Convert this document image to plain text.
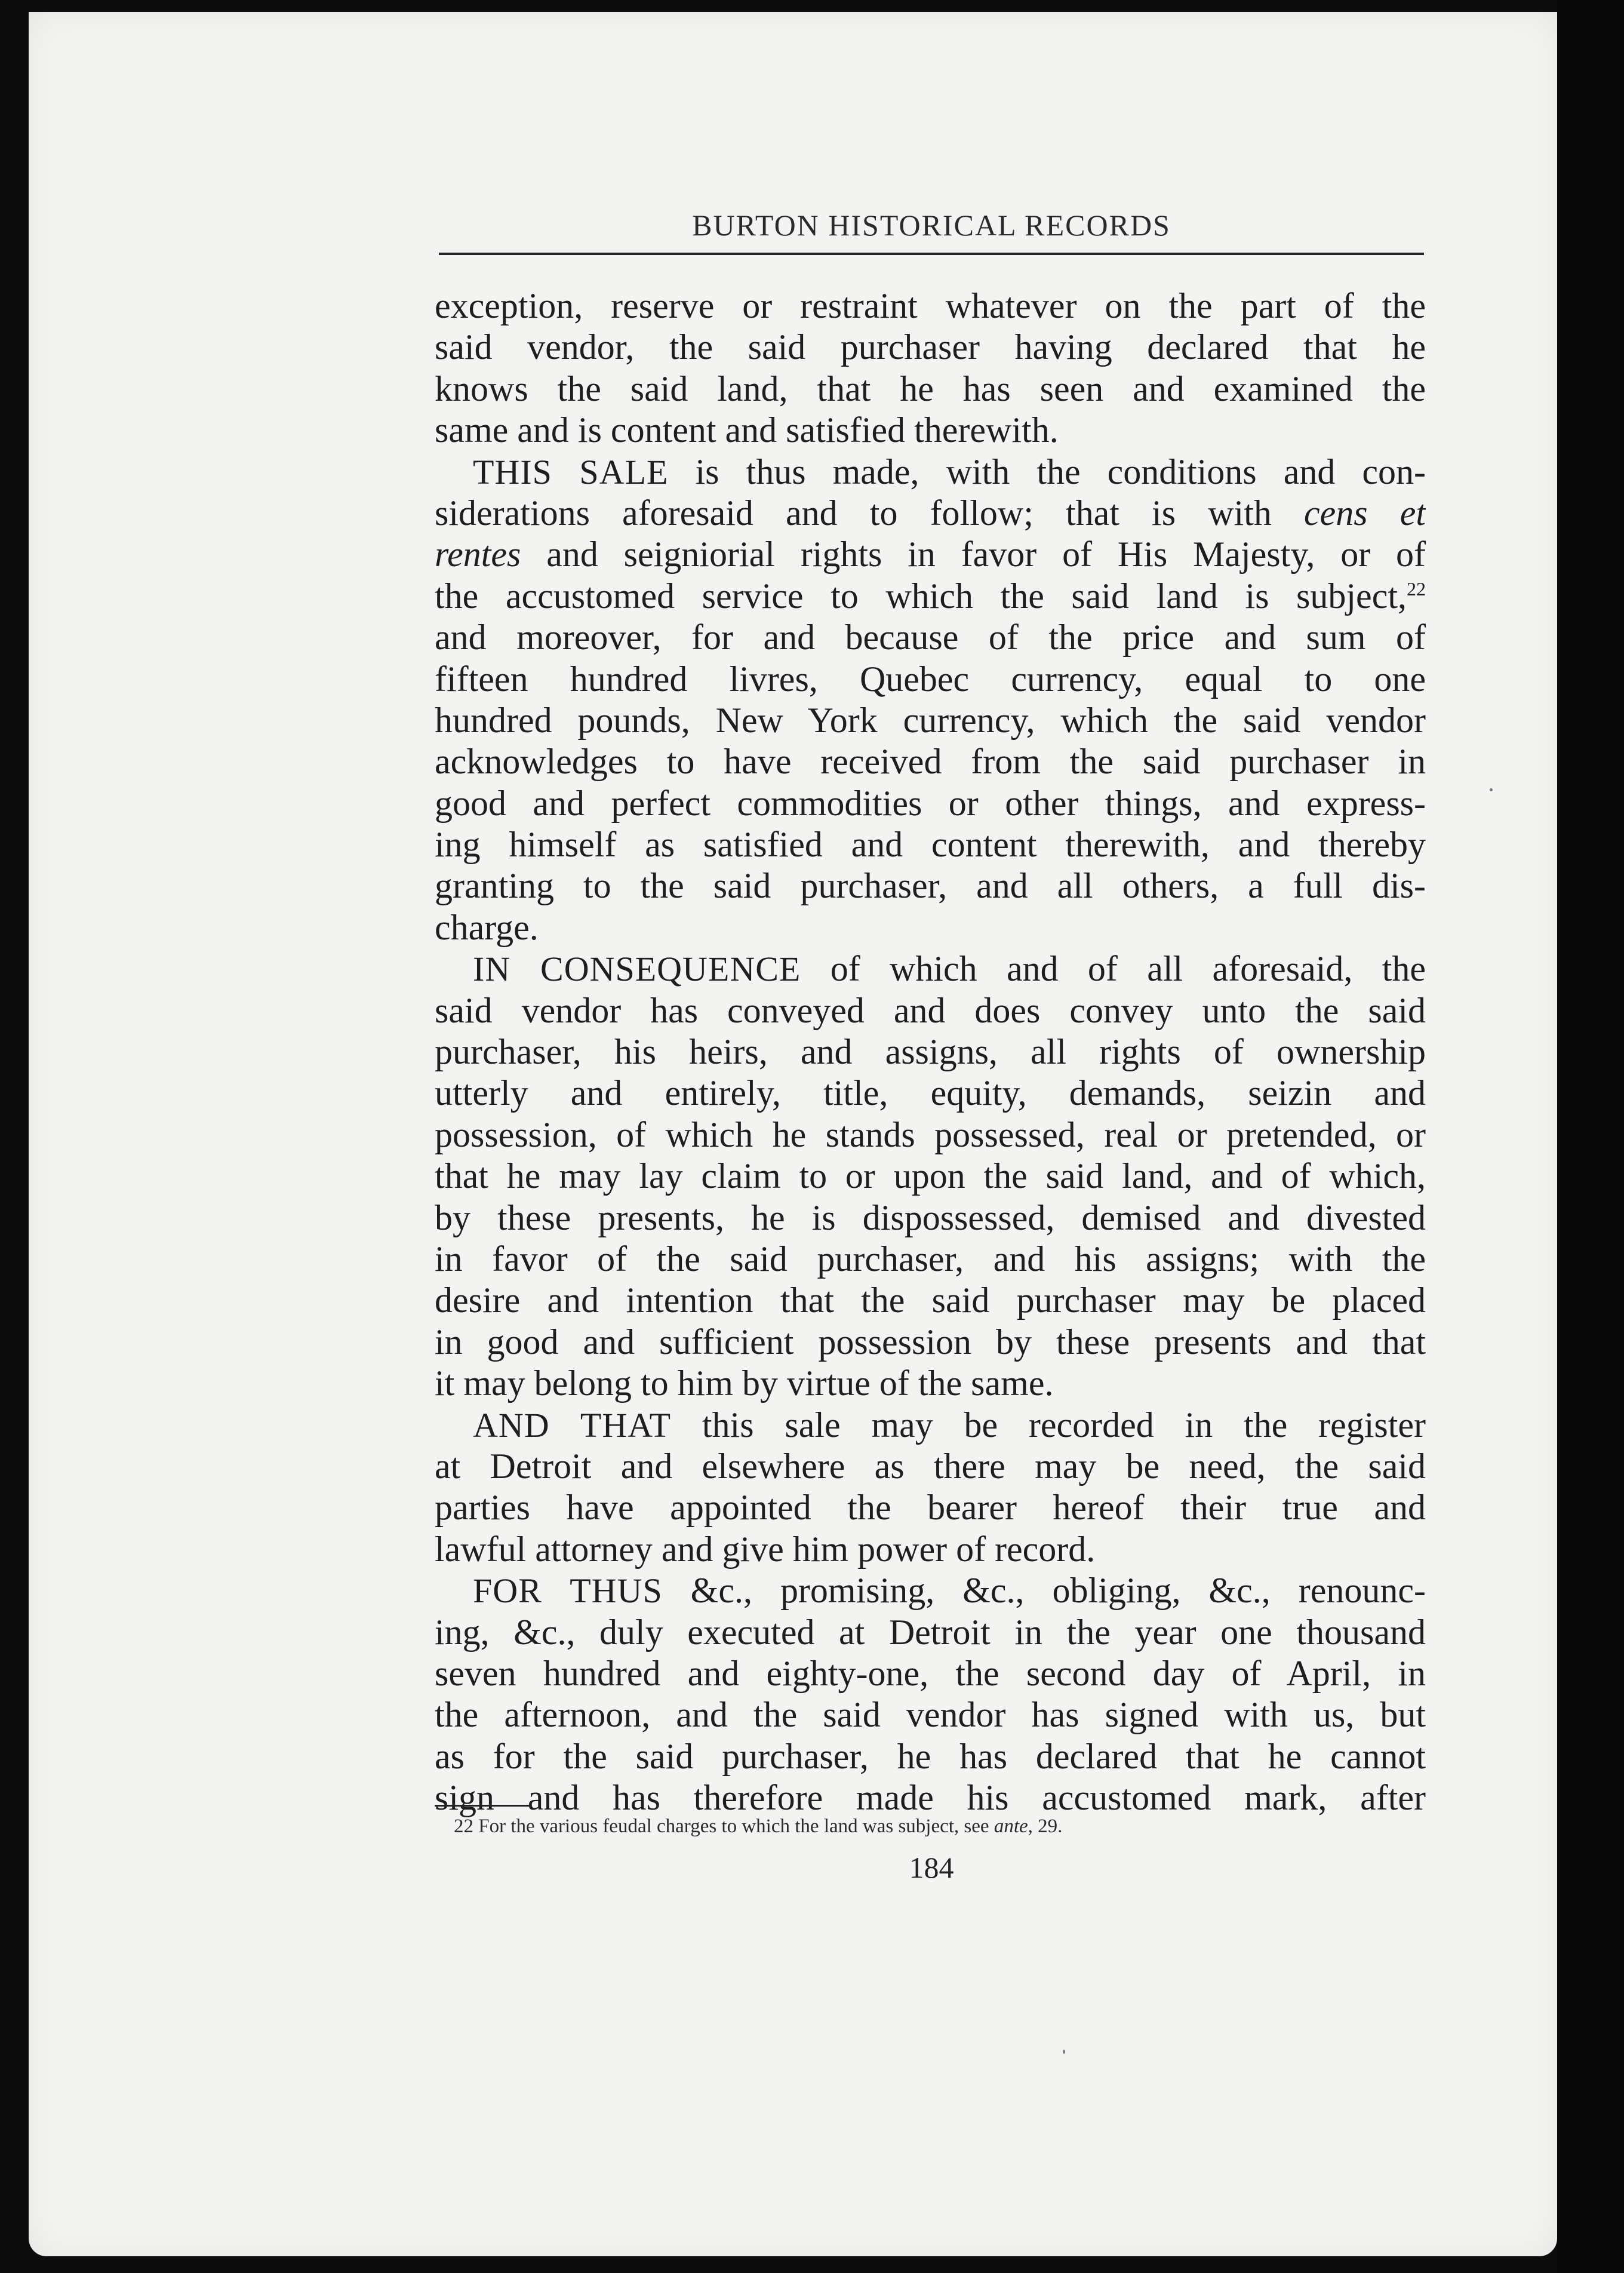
BURTON HISTORICAL RECORDS
exception, reserve or restraint whatever on the part of the
said vendor, the said purchaser having declared that he
knows the said land, that he has seen and examined the
same and is content and satisfied therewith.
THIS SALE is thus made, with the conditions and con-
siderations aforesaid and to follow; that is with cens et
rentes and seigniorial rights in favor of His Majesty, or of
the accustomed service to which the said land is subject,$^{22}$
and moreover, for and because of the price and sum of
fifteen hundred livres, Quebec currency, equal to one
hundred pounds, New York currency, which the said vendor
acknowledges to have received from the said purchaser in
good and perfect commodities or other things, and express-
ing himself as satisfied and content therewith, and thereby
granting to the said purchaser, and all others, a full dis-
charge.
IN CONSEQUENCE of which and of all aforesaid, the
said vendor has conveyed and does convey unto the said
purchaser, his heirs, and assigns, all rights of ownership
utterly and entirely, title, equity, demands, seizin and
possession, of which he stands possessed, real or pretended, or
that he may lay claim to or upon the said land, and of which,
by these presents, he is dispossessed, demised and divested
in favor of the said purchaser, and his assigns; with the
desire and intention that the said purchaser may be placed
in good and sufficient possession by these presents and that
it may belong to him by virtue of the same.
AND THAT this sale may be recorded in the register
at Detroit and elsewhere as there may be need, the said
parties have appointed the bearer hereof their true and
lawful attorney and give him power of record.
FOR THUS &c., promising, &c., obliging, &c., renounc-
ing, &c., duly executed at Detroit in the year one thousand
seven hundred and eighty-one, the second day of April, in
the afternoon, and the said vendor has signed with us, but
as for the said purchaser, he has declared that he cannot
sign and has therefore made his accustomed mark, after
22 For the various feudal charges to which the land was subject, see ante, 29.
184
